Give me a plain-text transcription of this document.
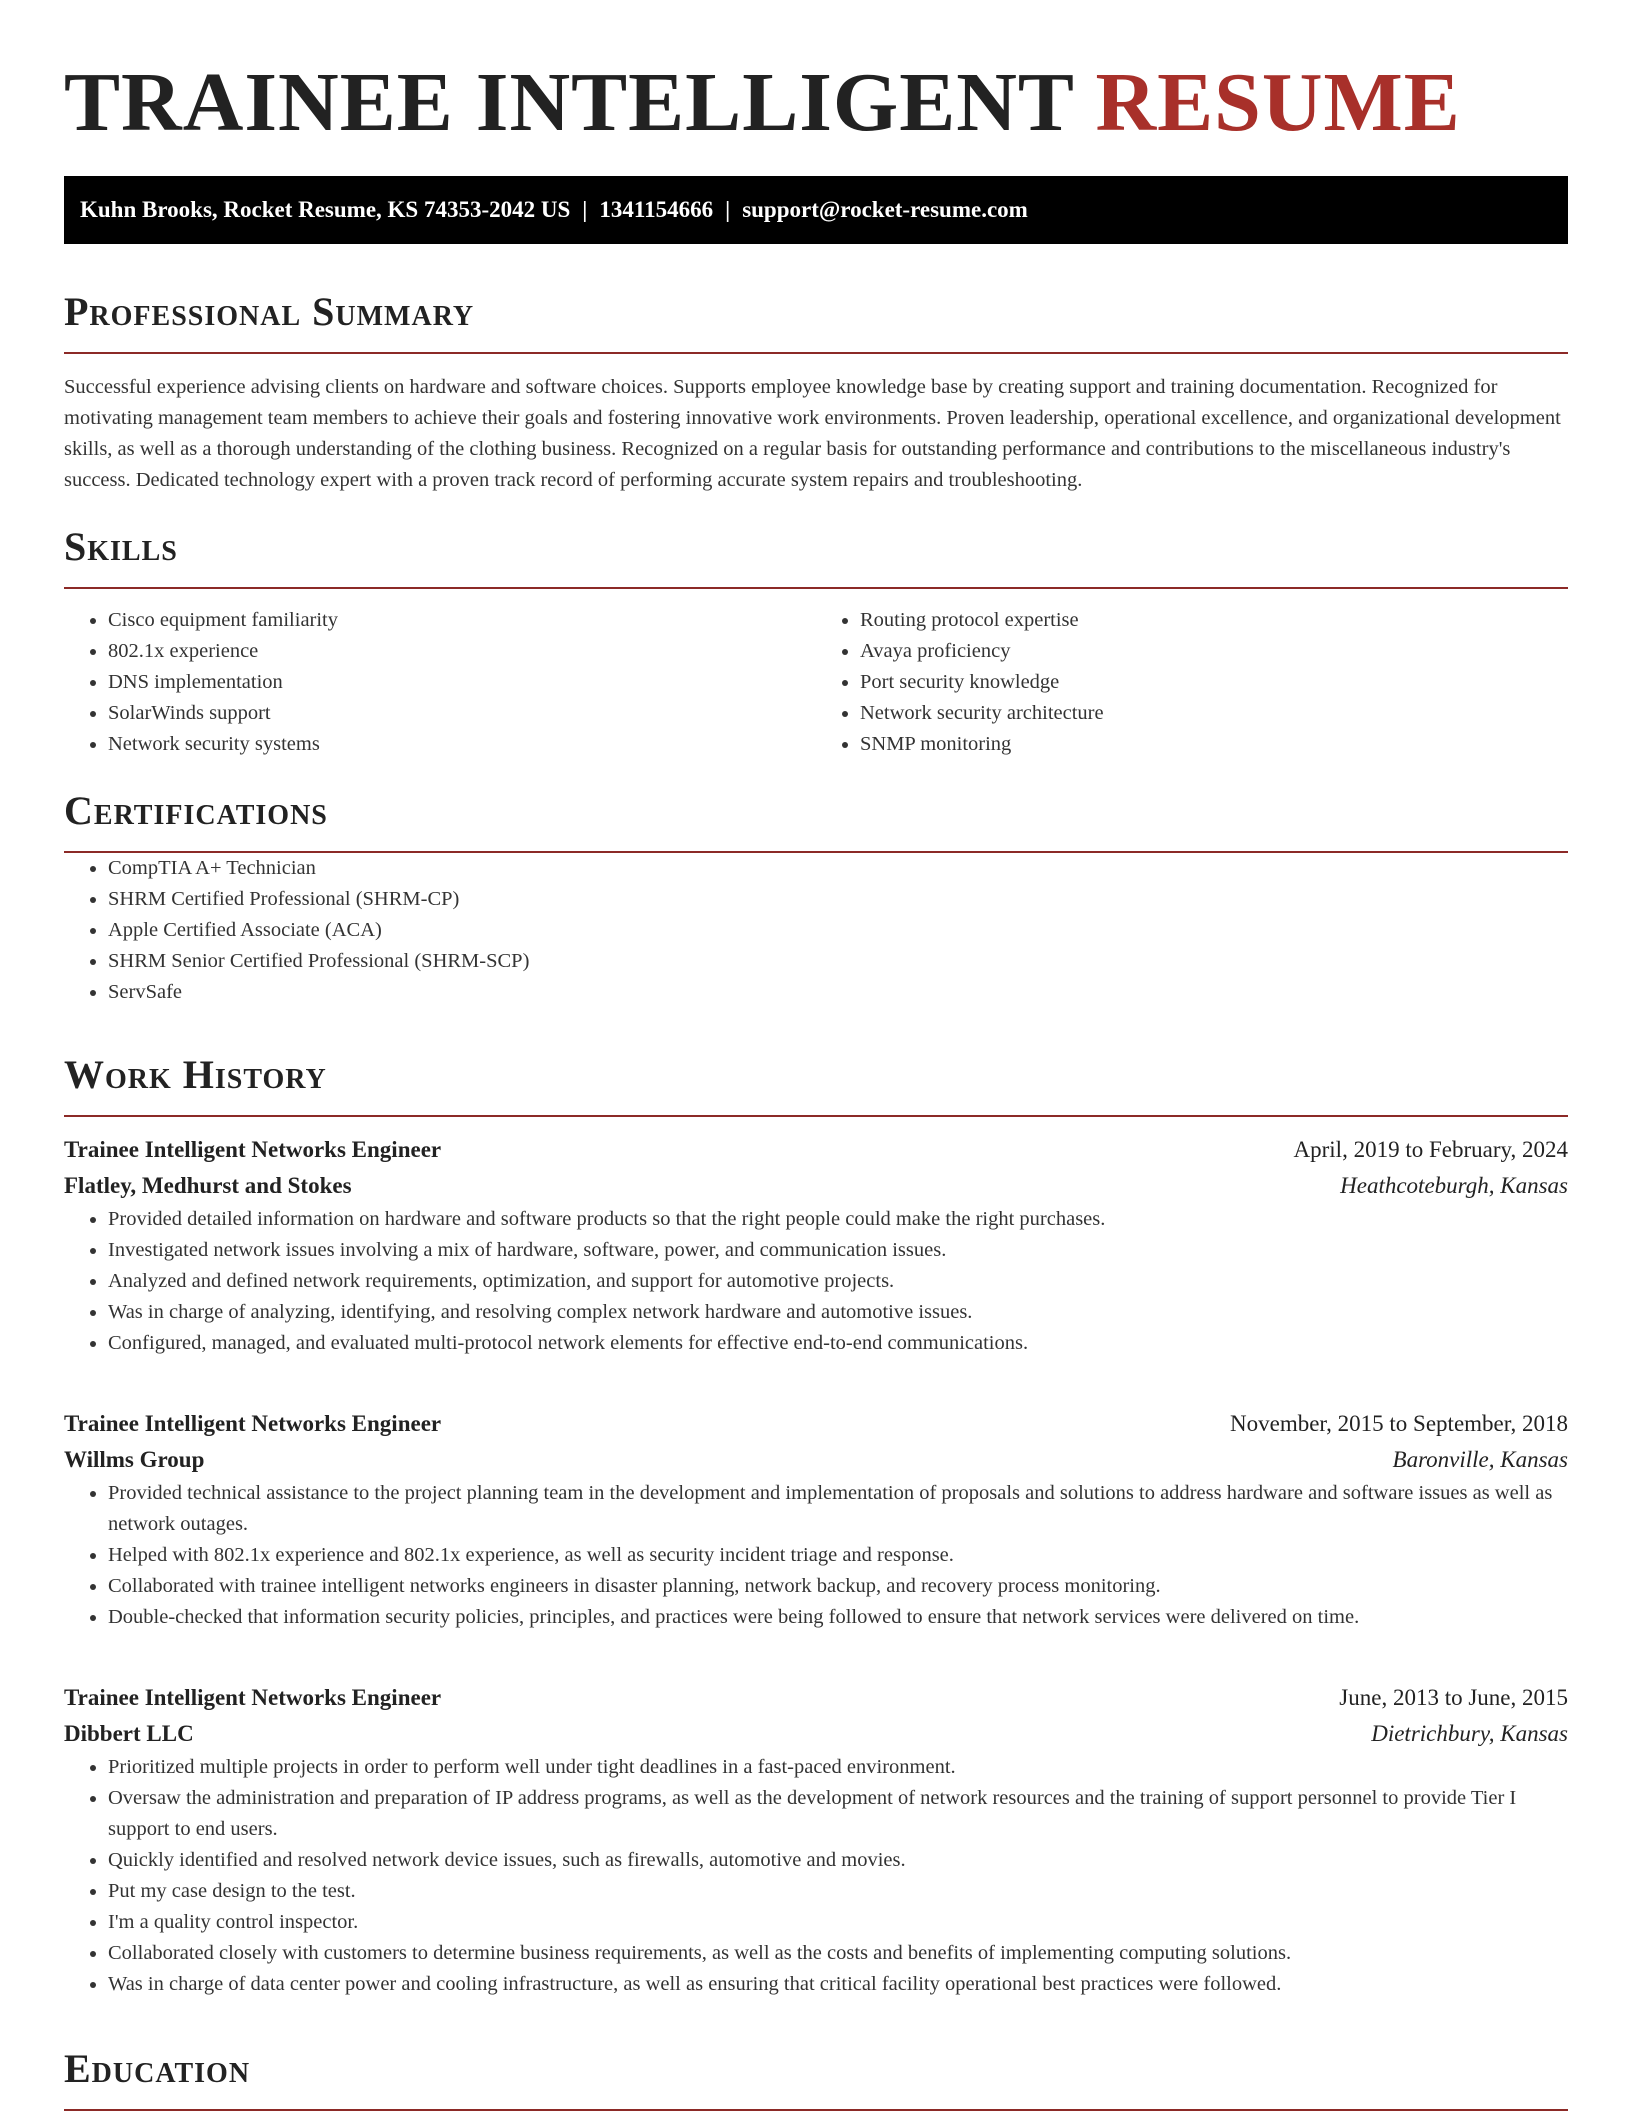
TRAINEE INTELLIGENT RESUME
Kuhn Brooks, Rocket Resume, KS 74353-2042 US | 1341154666 | support@rocket-resume.com
Professional Summary

Successful experience advising clients on hardware and software choices. Supports employee knowledge base by creating support and training documentation. Recognized for motivating management team members to achieve their goals and fostering innovative work environments. Proven leadership, operational excellence, and organizational development skills, as well as a thorough understanding of the clothing business. Recognized on a regular basis for outstanding performance and contributions to the miscellaneous industry's success. Dedicated technology expert with a proven track record of performing accurate system repairs and troubleshooting.

Skills
• Cisco equipment familiarity
• 802.1x experience
• DNS implementation
• SolarWinds support
• Network security systems
• Routing protocol expertise
• Avaya proficiency
• Port security knowledge
• Network security architecture
• SNMP monitoring
Certifications
• CompTIA A+ Technician
• SHRM Certified Professional (SHRM-CP)
• Apple Certified Associate (ACA)
• SHRM Senior Certified Professional (SHRM-SCP)
• ServSafe
Work History
Trainee Intelligent Networks Engineer	April, 2019 to February, 2024
Flatley, Medhurst and Stokes	Heathcoteburgh, Kansas
• Provided detailed information on hardware and software products so that the right people could make the right purchases.
• Investigated network issues involving a mix of hardware, software, power, and communication issues.
• Analyzed and defined network requirements, optimization, and support for automotive projects.
• Was in charge of analyzing, identifying, and resolving complex network hardware and automotive issues.
• Configured, managed, and evaluated multi-protocol network elements for effective end-to-end communications.
Trainee Intelligent Networks Engineer	November, 2015 to September, 2018
Willms Group	Baronville, Kansas
• Provided technical assistance to the project planning team in the development and implementation of proposals and solutions to address hardware and software issues as well as network outages.
• Helped with 802.1x experience and 802.1x experience, as well as security incident triage and response.
• Collaborated with trainee intelligent networks engineers in disaster planning, network backup, and recovery process monitoring.
• Double-checked that information security policies, principles, and practices were being followed to ensure that network services were delivered on time.
Trainee Intelligent Networks Engineer	June, 2013 to June, 2015
Dibbert LLC	Dietrichbury, Kansas
• Prioritized multiple projects in order to perform well under tight deadlines in a fast-paced environment.
• Oversaw the administration and preparation of IP address programs, as well as the development of network resources and the training of support personnel to provide Tier I support to end users.
• Quickly identified and resolved network device issues, such as firewalls, automotive and movies.
• Put my case design to the test.
• I'm a quality control inspector.
• Collaborated closely with customers to determine business requirements, as well as the costs and benefits of implementing computing solutions.
• Was in charge of data center power and cooling infrastructure, as well as ensuring that critical facility operational best practices were followed.
Education
